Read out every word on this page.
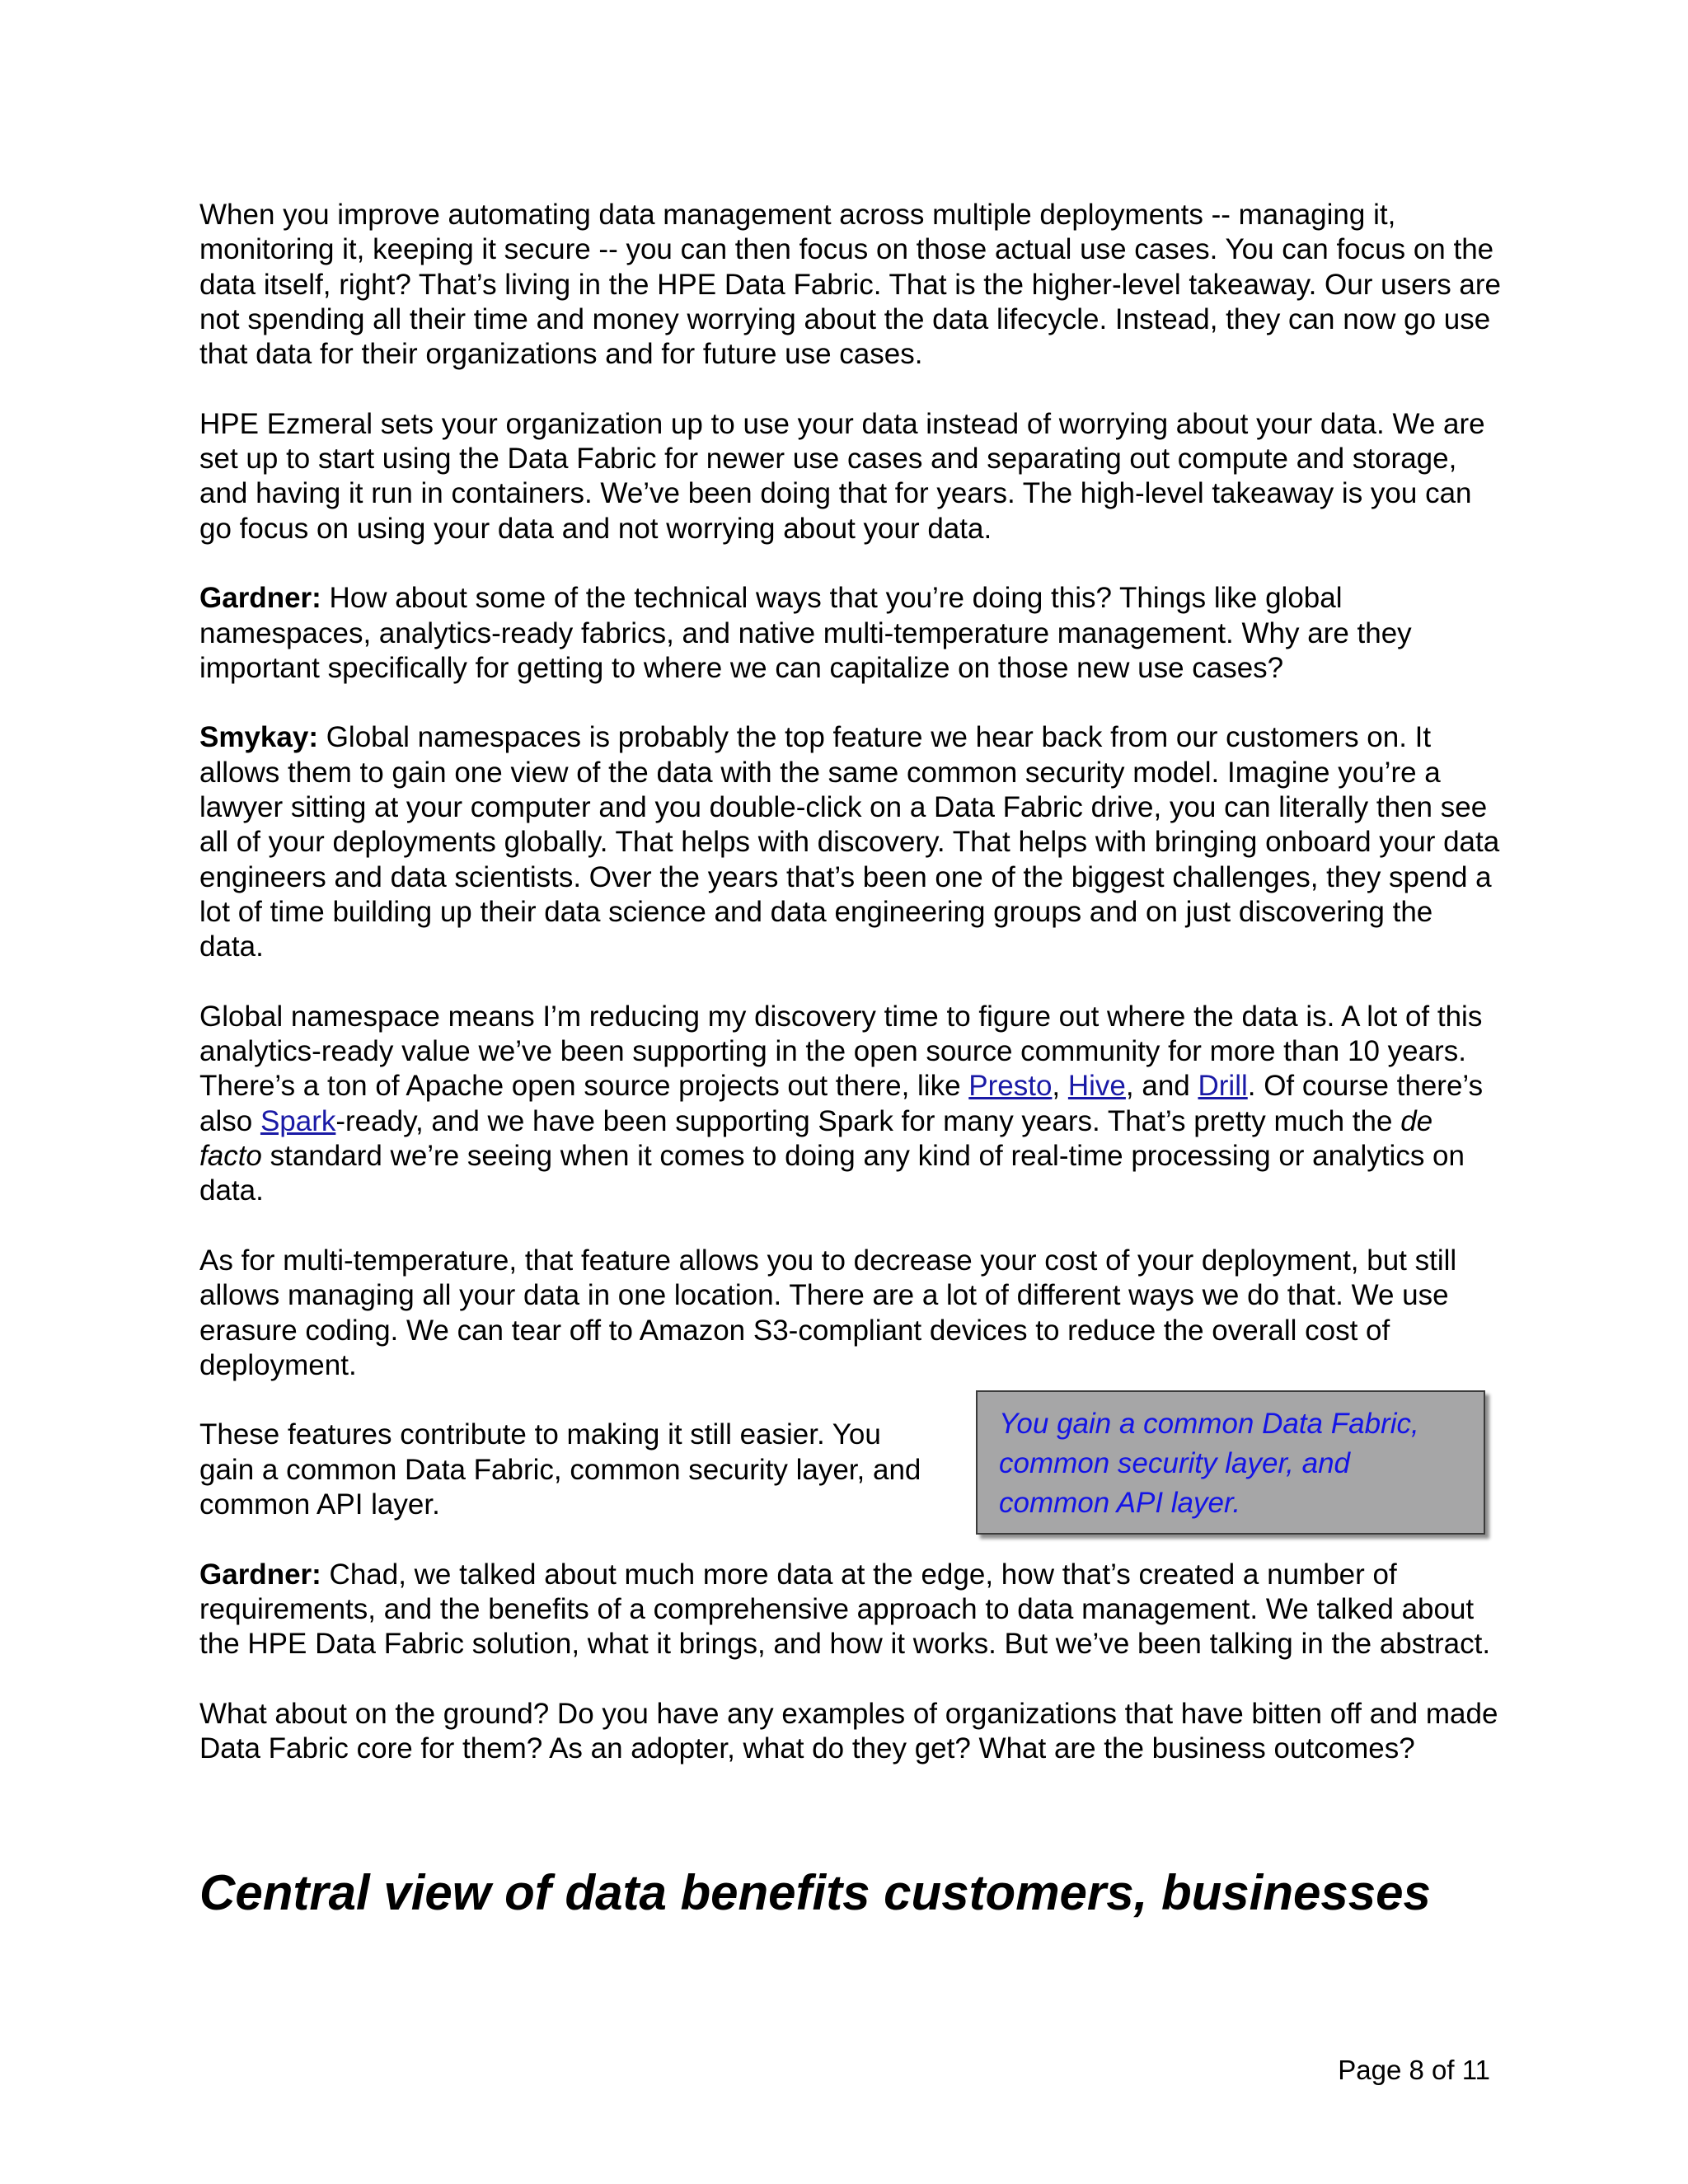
When you improve automating data management across multiple deployments -- managing it, monitoring it, keeping it secure -- you can then focus on those actual use cases. You can focus on the data itself, right? That’s living in the HPE Data Fabric. That is the higher-level takeaway. Our users are not spending all their time and money worrying about the data lifecycle. Instead, they can now go use that data for their organizations and for future use cases.

HPE Ezmeral sets your organization up to use your data instead of worrying about your data. We are set up to start using the Data Fabric for newer use cases and separating out compute and storage, and having it run in containers. We’ve been doing that for years. The high-level takeaway is you can go focus on using your data and not worrying about your data.

Gardner: How about some of the technical ways that you’re doing this? Things like global namespaces, analytics-ready fabrics, and native multi-temperature management. Why are they important specifically for getting to where we can capitalize on those new use cases?

Smykay: Global namespaces is probably the top feature we hear back from our customers on. It allows them to gain one view of the data with the same common security model. Imagine you’re a lawyer sitting at your computer and you double-click on a Data Fabric drive, you can literally then see all of your deployments globally. That helps with discovery. That helps with bringing onboard your data engineers and data scientists. Over the years that’s been one of the biggest challenges, they spend a lot of time building up their data science and data engineering groups and on just discovering the data.

Global namespace means I’m reducing my discovery time to figure out where the data is. A lot of this analytics-ready value we’ve been supporting in the open source community for more than 10 years. There’s a ton of Apache open source projects out there, like Presto, Hive, and Drill. Of course there’s also Spark-ready, and we have been supporting Spark for many years. That’s pretty much the de facto standard we’re seeing when it comes to doing any kind of real-time processing or analytics on data.

As for multi-temperature, that feature allows you to decrease your cost of your deployment, but still allows managing all your data in one location. There are a lot of different ways we do that. We use erasure coding. We can tear off to Amazon S3-compliant devices to reduce the overall cost of deployment.

These features contribute to making it still easier. You gain a common Data Fabric, common security layer, and common API layer.

Gardner: Chad, we talked about much more data at the edge, how that’s created a number of requirements, and the benefits of a comprehensive approach to data management. We talked about the HPE Data Fabric solution, what it brings, and how it works. But we’ve been talking in the abstract.

What about on the ground? Do you have any examples of organizations that have bitten off and made Data Fabric core for them? As an adopter, what do they get? What are the business outcomes?

You gain a common Data Fabric,
common security layer, and
common API layer.
Central view of data benefits customers, businesses
Page 8 of 11
